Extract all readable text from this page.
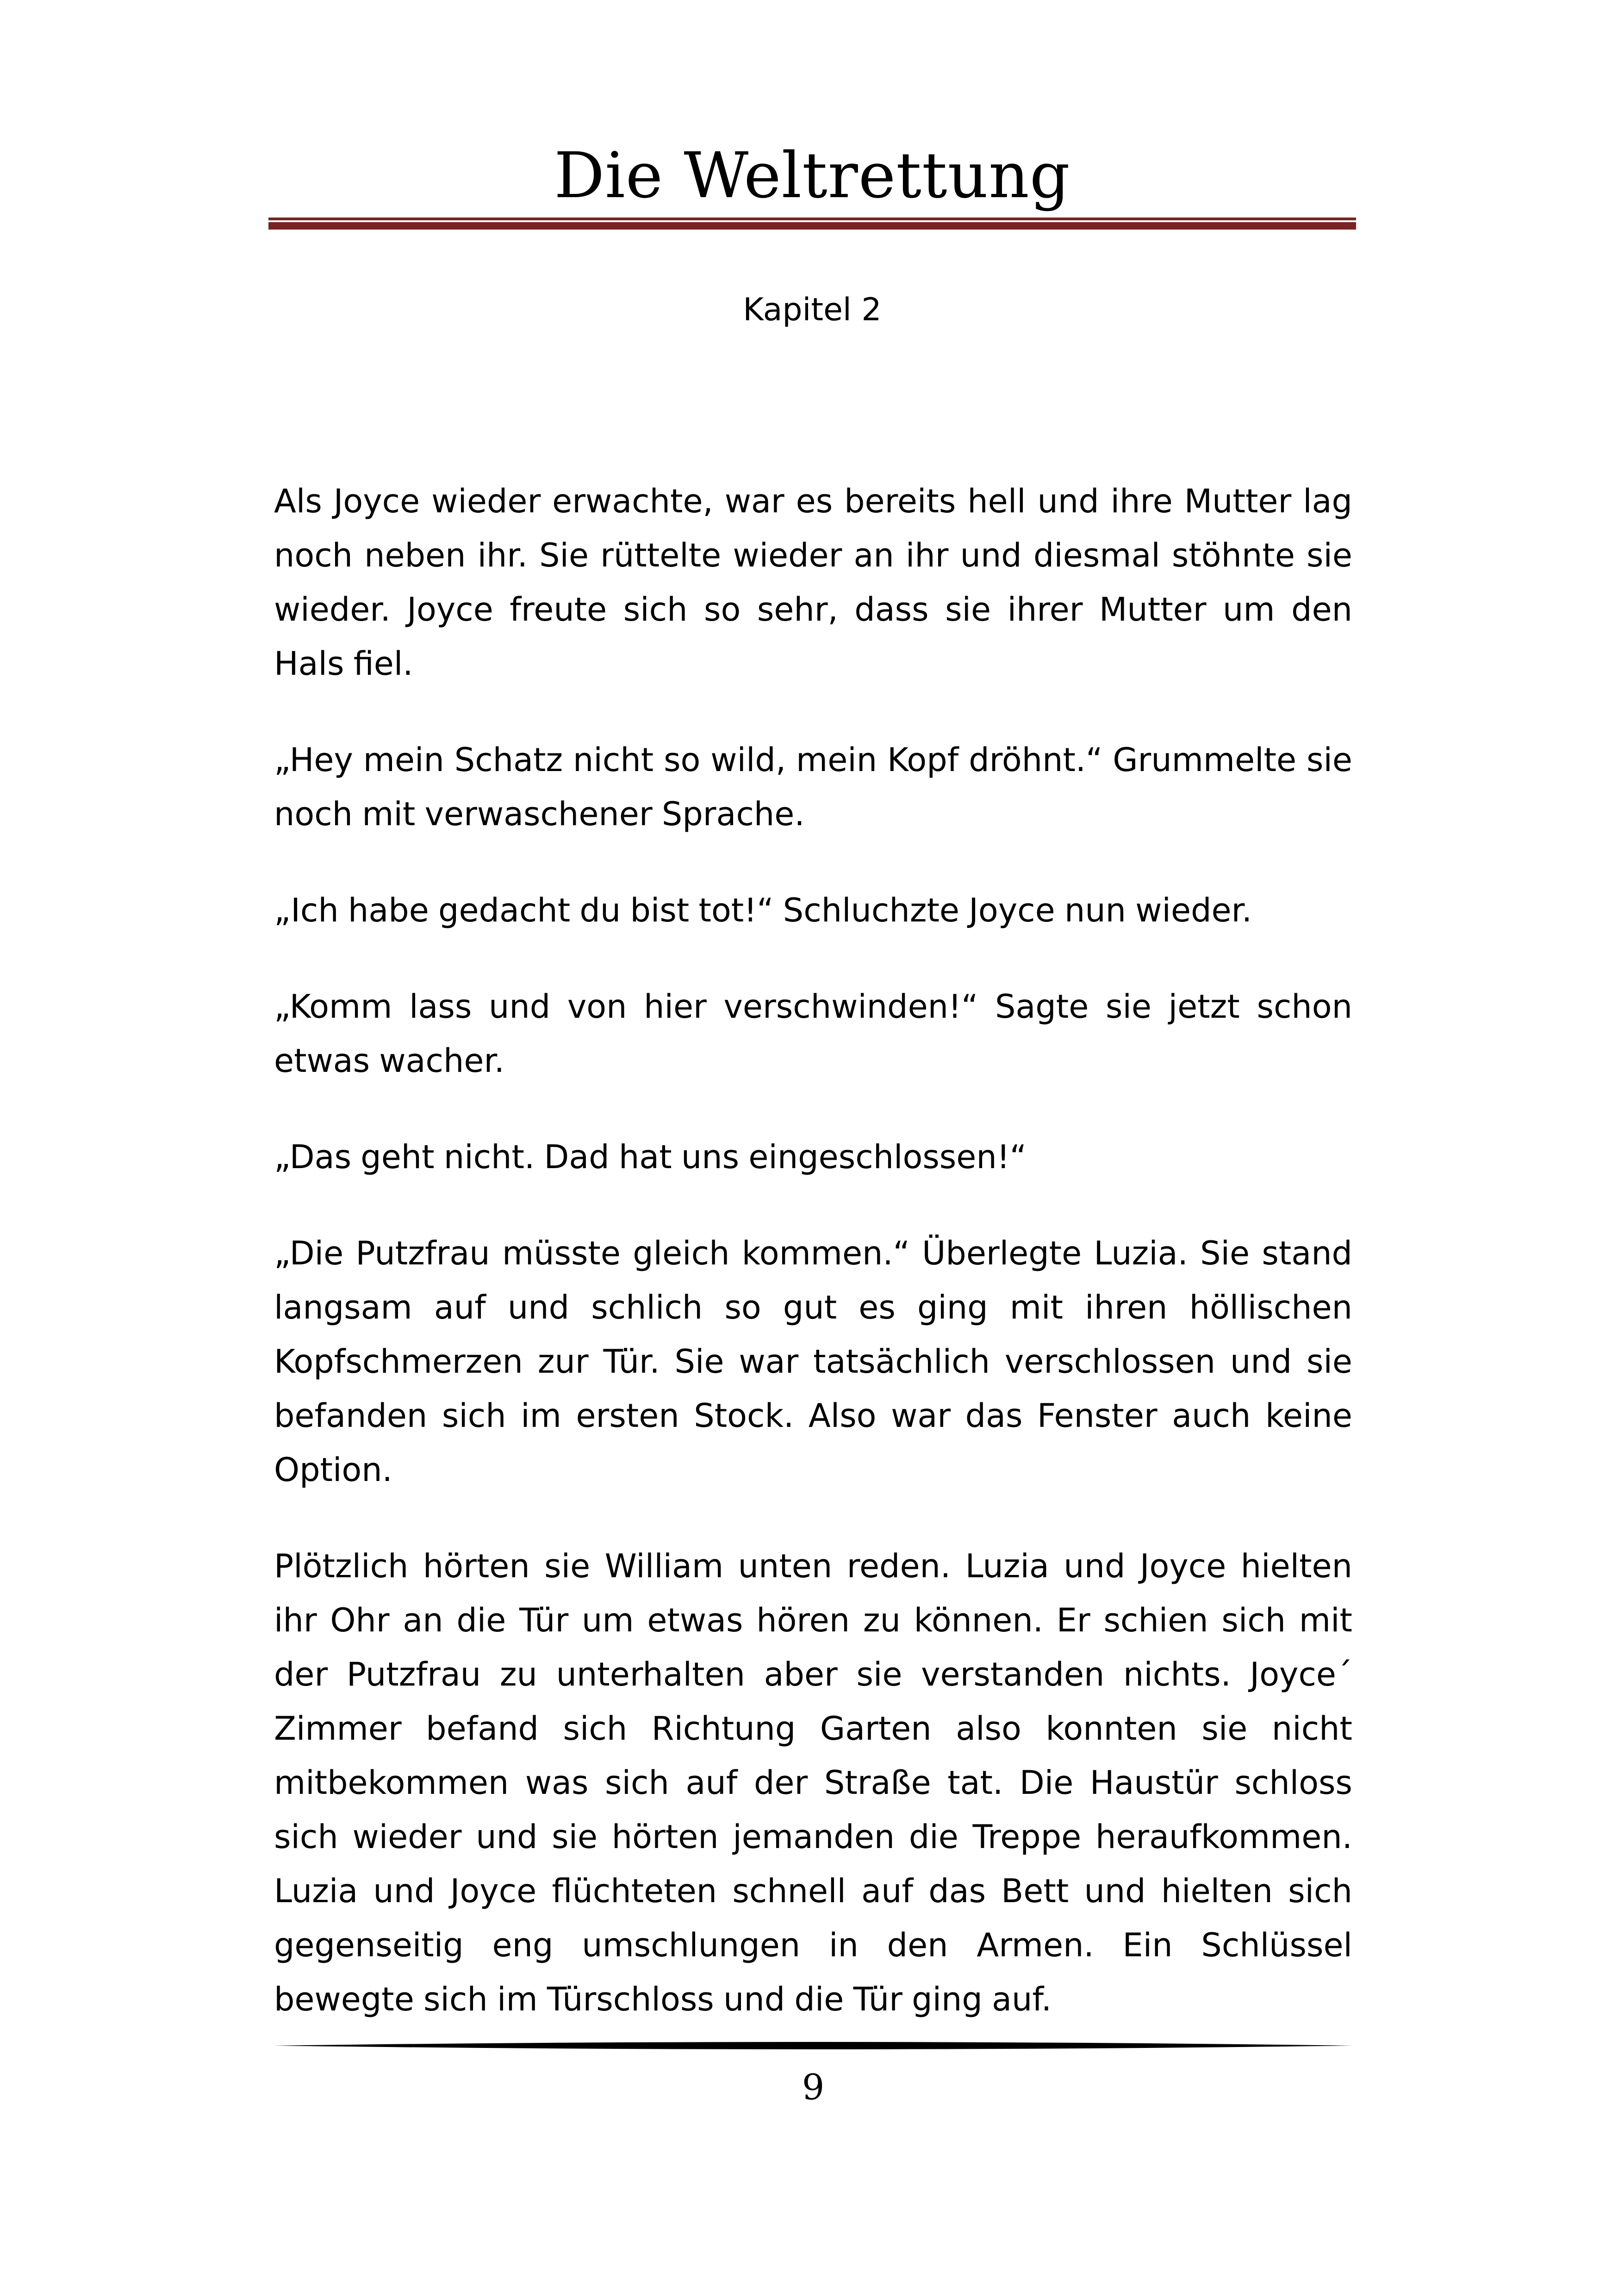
Die Weltrettung
Kapitel 2

Als Joyce wieder erwachte, war es bereits hell und ihre Mutter lag noch neben ihr. Sie rüttelte wieder an ihr und diesmal stöhnte sie wieder. Joyce freute sich so sehr, dass sie ihrer Mutter um den Hals fiel.

„Hey mein Schatz nicht so wild, mein Kopf dröhnt.“ Grummelte sie noch mit verwaschener Sprache.

„Ich habe gedacht du bist tot!“ Schluchzte Joyce nun wieder.

„Komm lass und von hier verschwinden!“ Sagte sie jetzt schon etwas wacher.

„Das geht nicht. Dad hat uns eingeschlossen!“

„Die Putzfrau müsste gleich kommen.“ Überlegte Luzia. Sie stand langsam auf und schlich so gut es ging mit ihren höllischen Kopfschmerzen zur Tür. Sie war tatsächlich verschlossen und sie befanden sich im ersten Stock. Also war das Fenster auch keine Option.

Plötzlich hörten sie William unten reden. Luzia und Joyce hielten ihr Ohr an die Tür um etwas hören zu können. Er schien sich mit der Putzfrau zu unterhalten aber sie verstanden nichts. Joyce´ Zimmer befand sich Richtung Garten also konnten sie nicht mitbekommen was sich auf der Straße tat. Die Haustür schloss sich wieder und sie hörten jemanden die Treppe heraufkommen. Luzia und Joyce flüchteten schnell auf das Bett und hielten sich gegenseitig eng umschlungen in den Armen. Ein Schlüssel bewegte sich im Türschloss und die Tür ging auf.

9
